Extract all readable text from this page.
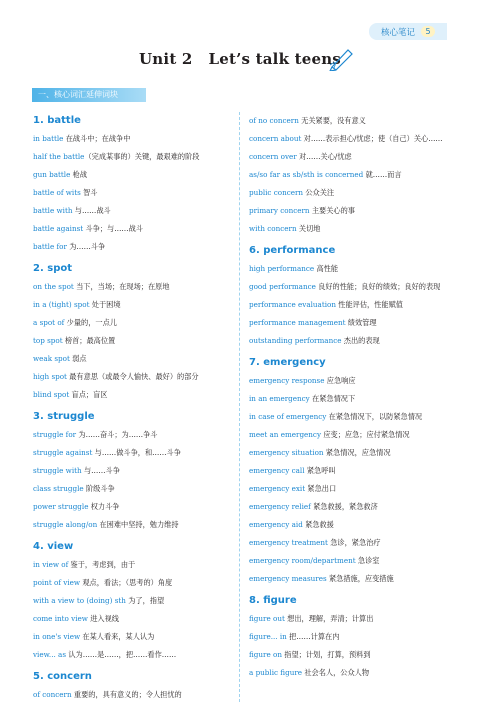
核心笔记	5
Unit 2 Let’s talk teens
一、核心词汇延伸词块
1. battle
in battle 在战斗中；在战争中
half the battle（完成某事的）关键，最艰难的阶段
gun battle 枪战
battle of wits 智斗
battle with 与……战斗
battle against 斗争；与……战斗
battle for 为……斗争
2. spot
on the spot 当下，当场；在现场；在原地
in a (tight) spot 处于困境
a spot of 少量的，一点儿
top spot 榜首；最高位置
weak spot 弱点
high spot 最有意思（或最令人愉快、最好）的部分
blind spot 盲点；盲区
3. struggle
struggle for 为……奋斗；为……争斗
struggle against 与……做斗争，和……斗争
struggle with 与……斗争
class struggle 阶级斗争
power struggle 权力斗争
struggle along/on 在困难中坚持，勉力维持
4. view
in view of 鉴于，考虑到，由于
point of view 观点，看法；（思考的）角度
with a view to (doing) sth 为了，指望
come into view 进入视线
in one's view 在某人看来，某人认为
view... as 认为……是……，把……看作……
5. concern
of concern 重要的，具有意义的；令人担忧的
of no concern 无关紧要，没有意义
concern about 对……表示担心/忧虑；使（自己）关心……
concern over 对……关心/忧虑
as/so far as sb/sth is concerned 就……而言
public concern 公众关注
primary concern 主要关心的事
with concern 关切地
6. performance
high performance 高性能
good performance 良好的性能；良好的绩效；良好的表现
performance evaluation 性能评估，性能赋值
performance management 绩效管理
outstanding performance 杰出的表现
7. emergency
emergency response 应急响应
in an emergency 在紧急情况下
in case of emergency 在紧急情况下，以防紧急情况
meet an emergency 应变；应急；应付紧急情况
emergency situation 紧急情况，应急情况
emergency call 紧急呼叫
emergency exit 紧急出口
emergency relief 紧急救援，紧急救济
emergency aid 紧急救援
emergency treatment 急诊，紧急治疗
emergency room/department 急诊室
emergency measures 紧急措施，应变措施
8. figure
figure out 想出，理解，弄清；计算出
figure... in 把……计算在内
figure on 指望；计划，打算，预料到
a public figure 社会名人，公众人物
